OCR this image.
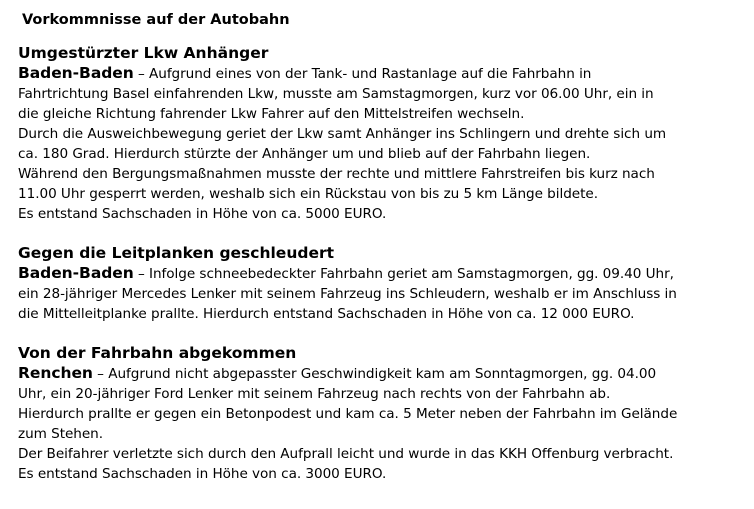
Vorkommnisse auf der Autobahn
Umgestürzter Lkw Anhänger

Baden-Baden – Aufgrund eines von der Tank- und Rastanlage auf die Fahrbahn in
Fahrtrichtung Basel einfahrenden Lkw, musste am Samstagmorgen, kurz vor 06.00 Uhr, ein in
die gleiche Richtung fahrender Lkw Fahrer auf den Mittelstreifen wechseln.
Durch die Ausweichbewegung geriet der Lkw samt Anhänger ins Schlingern und drehte sich um
ca. 180 Grad. Hierdurch stürzte der Anhänger um und blieb auf der Fahrbahn liegen.
Während den Bergungsmaßnahmen musste der rechte und mittlere Fahrstreifen bis kurz nach
11.00 Uhr gesperrt werden, weshalb sich ein Rückstau von bis zu 5 km Länge bildete.
Es entstand Sachschaden in Höhe von ca. 5000 EURO.

Gegen die Leitplanken geschleudert

Baden-Baden – Infolge schneebedeckter Fahrbahn geriet am Samstagmorgen, gg. 09.40 Uhr,
ein 28-jähriger Mercedes Lenker mit seinem Fahrzeug ins Schleudern, weshalb er im Anschluss in
die Mittelleitplanke prallte. Hierdurch entstand Sachschaden in Höhe von ca. 12 000 EURO.

Von der Fahrbahn abgekommen

Renchen – Aufgrund nicht abgepasster Geschwindigkeit kam am Sonntagmorgen, gg. 04.00
Uhr, ein 20-jähriger Ford Lenker mit seinem Fahrzeug nach rechts von der Fahrbahn ab.
Hierdurch prallte er gegen ein Betonpodest und kam ca. 5 Meter neben der Fahrbahn im Gelände
zum Stehen.
Der Beifahrer verletzte sich durch den Aufprall leicht und wurde in das KKH Offenburg verbracht.
Es entstand Sachschaden in Höhe von ca. 3000 EURO.
